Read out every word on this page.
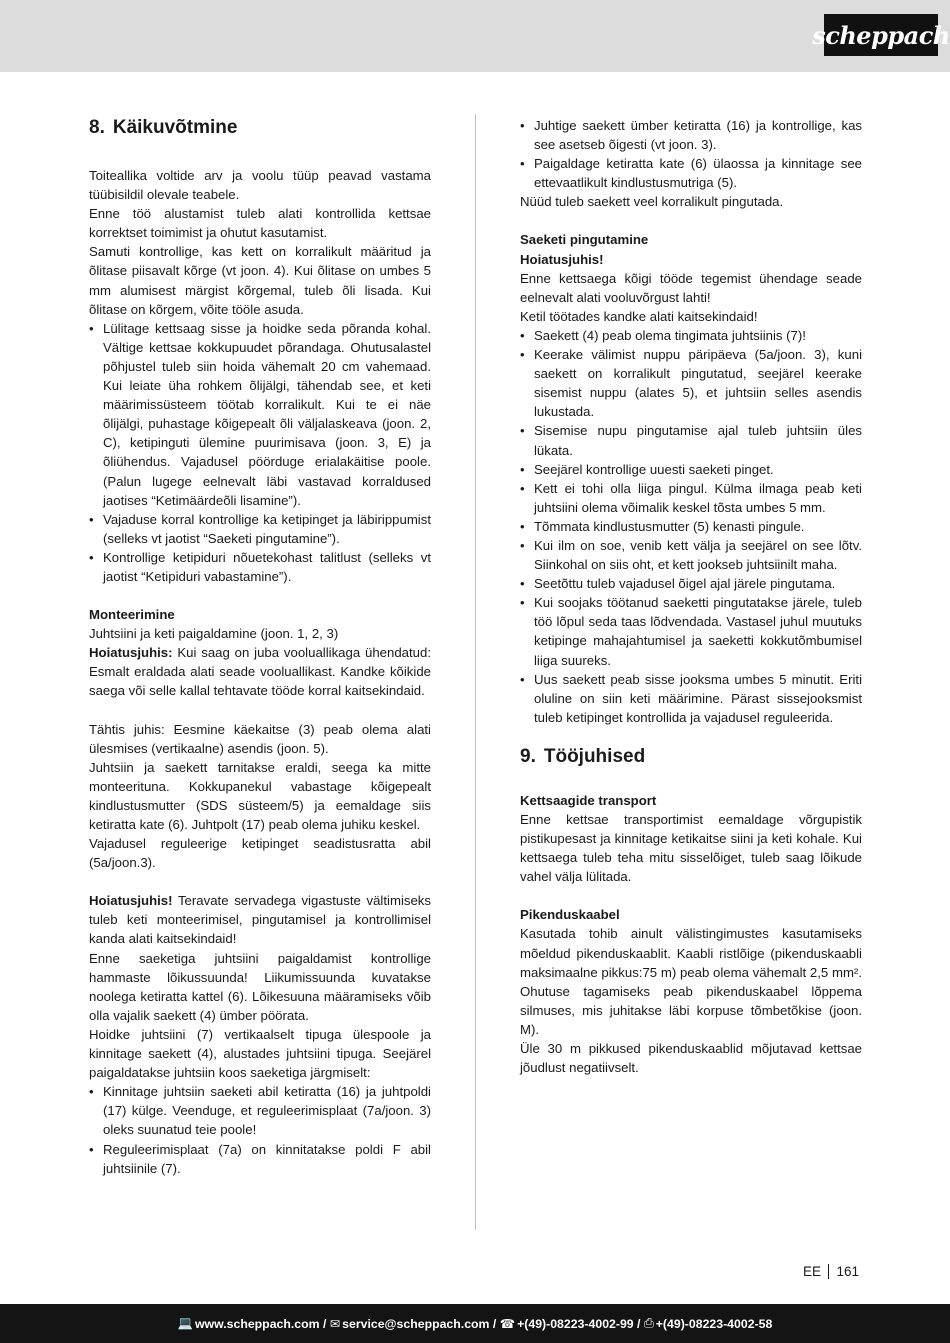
scheppach
8. Käikuvõtmine

Toiteallika voltide arv ja voolu tüüp peavad vastama tüübisildil olevale teabele.

Enne töö alustamist tuleb alati kontrollida kettsae korrektset toimimist ja ohutut kasutamist.

Samuti kontrollige, kas kett on korralikult määritud ja õlitase piisavalt kõrge (vt joon. 4). Kui õlitase on umbes 5 mm alumisest märgist kõrgemal, tuleb õli lisada. Kui õlitase on kõrgem, võite tööle asuda.

• Lülitage kettsaag sisse ja hoidke seda põranda kohal. Vältige kettsae kokkupuudet põrandaga. Ohutusalastel põhjustel tuleb siin hoida vähemalt 20 cm vahemaad. Kui leiate üha rohkem õlijälgi, tähendab see, et keti määrimissüsteem töötab korralikult. Kui te ei näe õlijälgi, puhastage kõigepealt õli väljalaskeava (joon. 2, C), ketipinguti ülemine puurimisava (joon. 3, E) ja õliühendus. Vajadusel pöörduge erialakäitise poole. (Palun lugege eelnevalt läbi vastavad korraldused jaotises “Ketimäärdeõli lisamine”).
• Vajaduse korral kontrollige ka ketipinget ja läbirippumist (selleks vt jaotist “Saeketi pingutamine”).
• Kontrollige ketipiduri nõuetekohast talitlust (selleks vt jaotist “Ketipiduri vabastamine”).

Monteerimine

Juhtsiini ja keti paigaldamine (joon. 1, 2, 3)

Hoiatusjuhis: Kui saag on juba vooluallikaga ühendatud: Esmalt eraldada alati seade vooluallikast. Kandke kõikide saega või selle kallal tehtavate tööde korral kaitsekindaid.

Tähtis juhis: Eesmine käekaitse (3) peab olema alati ülesmises (vertikaalne) asendis (joon. 5).

Juhtsiin ja saekett tarnitakse eraldi, seega ka mitte monteerituna. Kokkupanekul vabastage kõigepealt kindlustusmutter (SDS süsteem/5) ja eemaldage siis ketiratta kate (6). Juhtpolt (17) peab olema juhiku keskel.

Vajadusel reguleerige ketipinget seadistusratta abil (5a/joon.3).

Hoiatusjuhis! Teravate servadega vigastuste vältimiseks tuleb keti monteerimisel, pingutamisel ja kontrollimisel kanda alati kaitsekindaid!

Enne saeketiga juhtsiini paigaldamist kontrollige hammaste lõikussuunda! Liikumissuunda kuvatakse noolega ketiratta kattel (6). Lõikesuuna määramiseks võib olla vajalik saekett (4) ümber pöörata.

Hoidke juhtsiini (7) vertikaalselt tipuga ülespoole ja kinnitage saekett (4), alustades juhtsiini tipuga. Seejärel paigaldatakse juhtsiin koos saeketiga järgmiselt:

• Kinnitage juhtsiin saeketi abil ketiratta (16) ja juhtpoldi (17) külge. Veenduge, et reguleerimisplaat (7a/joon. 3) oleks suunatud teie poole!
• Reguleerimisplaat (7a) on kinnitatakse poldi F abil juhtsiinile (7).
• Juhtige saekett ümber ketiratta (16) ja kontrollige, kas see asetseb õigesti (vt joon. 3).
• Paigaldage ketiratta kate (6) ülaossa ja kinnitage see ettevaatlikult kindlustusmutriga (5).

Nüüd tuleb saekett veel korralikult pingutada.

Saeketi pingutamine

Hoiatusjuhis!

Enne kettsaega kõigi tööde tegemist ühendage seade eelnevalt alati vooluvõrgust lahti!

Ketil töötades kandke alati kaitsekindaid!

• Saekett (4) peab olema tingimata juhtsiinis (7)!
• Keerake välimist nuppu päripäeva (5a/joon. 3), kuni saekett on korralikult pingutatud, seejärel keerake sisemist nuppu (alates 5), et juhtsiin selles asendis lukustada.
• Sisemise nupu pingutamise ajal tuleb juhtsiin üles lükata.
• Seejärel kontrollige uuesti saeketi pinget.
• Kett ei tohi olla liiga pingul. Külma ilmaga peab keti juhtsiini olema võimalik keskel tõsta umbes 5 mm.
• Tõmmata kindlustusmutter (5) kenasti pingule.
• Kui ilm on soe, venib kett välja ja seejärel on see lõtv. Siinkohal on siis oht, et kett jookseb juhtsiinilt maha.
• Seetõttu tuleb vajadusel õigel ajal järele pingutama.
• Kui soojaks töötanud saeketti pingutatakse järele, tuleb töö lõpul seda taas lõdvendada. Vastasel juhul muutuks ketipinge mahajahtumisel ja saeketti kokkutõmbumisel liiga suureks.
• Uus saekett peab sisse jooksma umbes 5 minutit. Eriti oluline on siin keti määrimine. Pärast sissejooksmist tuleb ketipinget kontrollida ja vajadusel reguleerida.
9. Tööjuhised

Kettsaagide transport

Enne kettsae transportimist eemaldage võrgupistik pistikupesast ja kinnitage ketikaitse siini ja keti kohale. Kui kettsaega tuleb teha mitu sisselõiget, tuleb saag lõikude vahel välja lülitada.

Pikenduskaabel

Kasutada tohib ainult välistingimustes kasutamiseks mõeldud pikenduskaablit. Kaabli ristlõige (pikenduskaabli maksimaalne pikkus:75 m) peab olema vähemalt 2,5 mm². Ohutuse tagamiseks peab pikenduskaabel lõppema silmuses, mis juhitakse läbi korpuse tõmbetõkise (joon. M).

Üle 30 m pikkused pikenduskaablid mõjutavad kettsae jõudlust negatiivselt.

EE 161
💻 www.scheppach.com /
✉ service@scheppach.com /
☎ +(49)-08223-4002-99 /
⎙ +(49)-08223-4002-58
